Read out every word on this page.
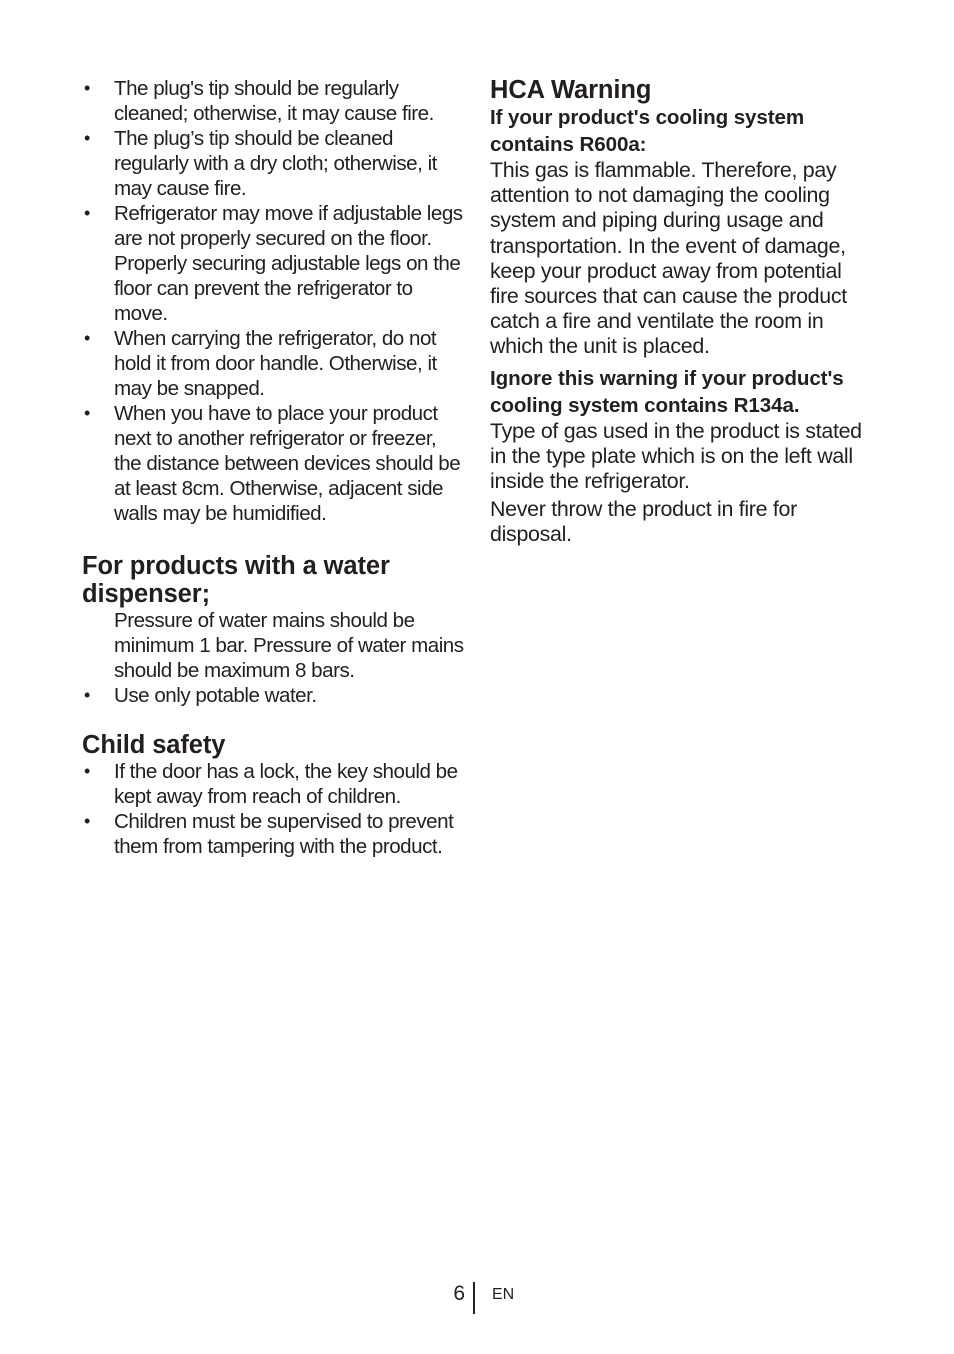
• The plug's tip should be regularly cleaned; otherwise, it may cause fire.
• The plug’s tip should be cleaned regularly with a dry cloth; otherwise, it may cause fire.
• Refrigerator may move if adjustable legs are not properly secured on the floor. Properly securing adjustable legs on the floor can prevent the refrigerator to move.
• When carrying the refrigerator, do not hold it from door handle. Otherwise, it may be snapped.
• When you have to place your product next to another refrigerator or freezer, the distance between devices should be at least 8cm. Otherwise, adjacent side walls may be humidified.
For products with a water dispenser;
Pressure of water mains should be minimum 1 bar. Pressure of water mains should be maximum 8 bars.
• Use only potable water.
Child safety
• If the door has a lock, the key should be kept away from reach of children.
• Children must be supervised to prevent them from tampering with the product.
HCA Warning
If your product's cooling system contains R600a:
This gas is flammable. Therefore, pay attention to not damaging the cooling system and piping during usage and transportation. In the event of damage, keep your product away from potential fire sources that can cause the product catch a fire and ventilate the room in which the unit is placed.
Ignore this warning if your product's cooling system contains R134a.
Type of gas used in the product is stated in the type plate which is on the left wall inside the refrigerator.
Never throw the product in fire for disposal.
6 EN
